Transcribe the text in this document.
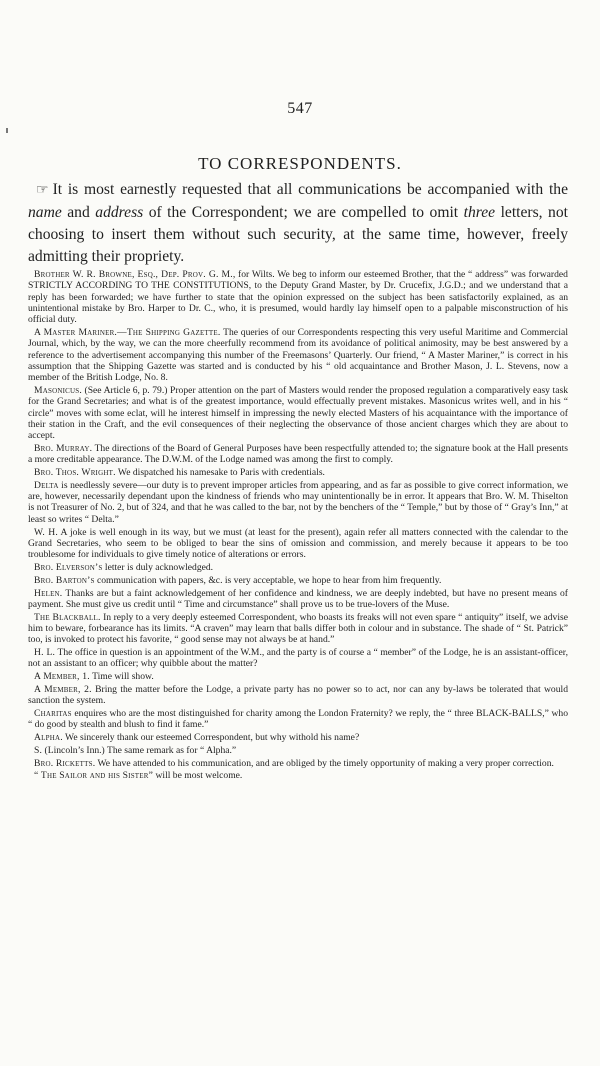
547
TO CORRESPONDENTS.

☞ It is most earnestly requested that all communications be accompanied with the name and address of the Correspondent; we are compelled to omit three letters, not choosing to insert them without such security, at the same time, however, freely admitting their propriety.

Brother W. R. Browne, Esq., Dep. Prov. G. M., for Wilts. We beg to inform our esteemed Brother, that the “ address” was forwarded STRICTLY ACCORDING TO THE CONSTITUTIONS, to the Deputy Grand Master, by Dr. Crucefix, J.G.D.; and we understand that a reply has been forwarded; we have further to state that the opinion expressed on the subject has been satisfactorily explained, as an unintentional mistake by Bro. Harper to Dr. C., who, it is presumed, would hardly lay himself open to a palpable misconstruction of his official duty.

A Master Mariner.—The Shipping Gazette. The queries of our Correspondents respecting this very useful Maritime and Commercial Journal, which, by the way, we can the more cheerfully recommend from its avoidance of political animosity, may be best answered by a reference to the advertisement accompanying this number of the Freemasons’ Quarterly. Our friend, “ A Master Mariner,” is correct in his assumption that the Shipping Gazette was started and is conducted by his “ old acquaintance and Brother Mason, J. L. Stevens, now a member of the British Lodge, No. 8.

Masonicus. (See Article 6, p. 79.) Proper attention on the part of Masters would render the proposed regulation a comparatively easy task for the Grand Secretaries; and what is of the greatest importance, would effectually prevent mistakes. Masonicus writes well, and in his “ circle” moves with some eclat, will he interest himself in impressing the newly elected Masters of his acquaintance with the importance of their station in the Craft, and the evil consequences of their neglecting the observance of those ancient charges which they are about to accept.

Bro. Murray. The directions of the Board of General Purposes have been respectfully attended to; the signature book at the Hall presents a more creditable appearance. The D.W.M. of the Lodge named was among the first to comply.

Bro. Thos. Wright. We dispatched his namesake to Paris with credentials.

Delta is needlessly severe—our duty is to prevent improper articles from appearing, and as far as possible to give correct information, we are, however, necessarily dependant upon the kindness of friends who may unintentionally be in error. It appears that Bro. W. M. Thiselton is not Treasurer of No. 2, but of 324, and that he was called to the bar, not by the benchers of the “ Temple,” but by those of “ Gray’s Inn,” at least so writes “ Delta.”

W. H. A joke is well enough in its way, but we must (at least for the present), again refer all matters connected with the calendar to the Grand Secretaries, who seem to be obliged to bear the sins of omission and commission, and merely because it appears to be too troublesome for individuals to give timely notice of alterations or errors.

Bro. Elverson’s letter is duly acknowledged.

Bro. Barton’s communication with papers, &c. is very acceptable, we hope to hear from him frequently.

Helen. Thanks are but a faint acknowledgement of her confidence and kindness, we are deeply indebted, but have no present means of payment. She must give us credit until “ Time and circumstance” shall prove us to be true-lovers of the Muse.

The Blackball. In reply to a very deeply esteemed Correspondent, who boasts its freaks will not even spare “ antiquity” itself, we advise him to beware, forbearance has its limits. “A craven” may learn that balls differ both in colour and in substance. The shade of “ St. Patrick” too, is invoked to protect his favorite, “ good sense may not always be at hand.”

H. L. The office in question is an appointment of the W.M., and the party is of course a “ member” of the Lodge, he is an assistant-officer, not an assistant to an officer; why quibble about the matter?

A Member, 1. Time will show.

A Member, 2. Bring the matter before the Lodge, a private party has no power so to act, nor can any by-laws be tolerated that would sanction the system.

Charitas enquires who are the most distinguished for charity among the London Fraternity? we reply, the “ three BLACK-BALLS,” who “ do good by stealth and blush to find it fame.”

Alpha. We sincerely thank our esteemed Correspondent, but why withold his name?

S. (Lincoln’s Inn.) The same remark as for “ Alpha.”

Bro. Ricketts. We have attended to his communication, and are obliged by the timely opportunity of making a very proper correction.

“ The Sailor and his Sister” will be most welcome.
